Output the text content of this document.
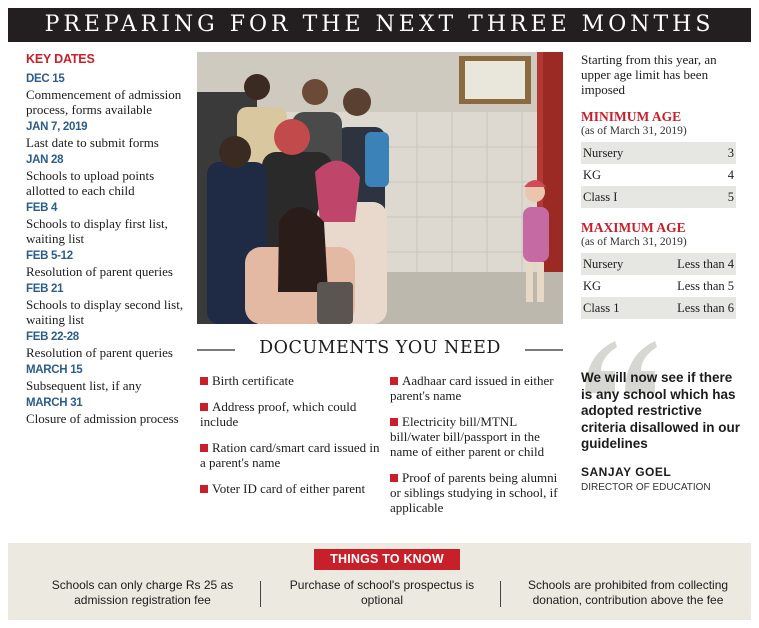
PREPARING FOR THE NEXT THREE MONTHS
KEY DATES
DEC 15
Commencement of admission process, forms available
JAN 7, 2019
Last date to submit forms
JAN 28
Schools to upload points allotted to each child
FEB 4
Schools to display first list, waiting list
FEB 5-12
Resolution of parent queries
FEB 21
Schools to display second list, waiting list
FEB 22-28
Resolution of parent queries
MARCH 15
Subsequent list, if any
MARCH 31
Closure of admission process
Starting from this year, an upper age limit has been imposed
MINIMUM AGE
(as of March 31, 2019)
Nursery	3
KG	4
Class I	5
MAXIMUM AGE
(as of March 31, 2019)
Nursery	Less than 4
KG	Less than 5
Class 1	Less than 6
We will now see if there is any school which has adopted restrictive criteria disallowed in our guidelines
SANJAY GOEL
DIRECTOR OF EDUCATION
DOCUMENTS YOU NEED
Birth certificate
Address proof, which could include
Ration card/smart card issued in a parent's name
Voter ID card of either parent
Aadhaar card issued in either parent's name
Electricity bill/MTNL bill/water bill/passport in the name of either parent or child
Proof of parents being alumni or siblings studying in school, if applicable
THINGS TO KNOW
Schools can only charge Rs 25 as admission registration fee
Purchase of school's prospectus is optional
Schools are prohibited from collecting donation, contribution above the fee
